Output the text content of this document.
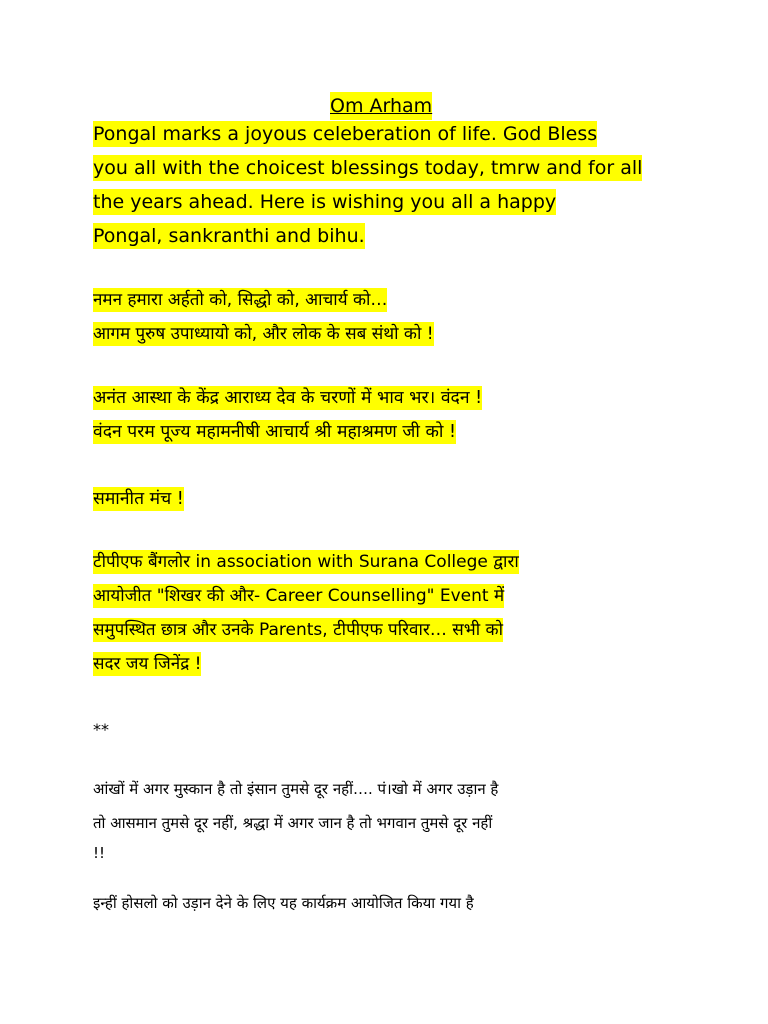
Om Arham
Pongal marks a joyous celeberation of life. God Bless
you all with the choicest blessings today, tmrw and for all
the years ahead. Here is wishing you all a happy
Pongal, sankranthi and bihu.
नमन हमारा अर्हतो को, सिद्धो को, आचार्य को…
आगम पुरुष उपाध्यायो को, और लोक के सब संथो को !
अनंत आस्था के केंद्र आराध्य देव के चरणों में भाव भर। वंदन !
वंदन परम पूज्य महामनीषी आचार्य श्री महाश्रमण जी को !
समानीत मंच !
टीपीएफ बैंगलोर in association with Surana College द्वारा
आयोजीत "शिखर की और- Career Counselling" Event में
समुपस्थित छात्र और उनके Parents, टीपीएफ परिवार… सभी को
सदर जय जिनेंद्र !
**
आंखों में अगर मुस्कान है तो इंसान तुमसे दूर नहीं…. पं।खो में अगर उड़ान है
तो आसमान तुमसे दूर नहीं, श्रद्धा में अगर जान है तो भगवान तुमसे दूर नहीं
!!
इन्हीं होसलो को उड़ान देने के लिए यह कार्यक्रम आयोजित किया गया है
